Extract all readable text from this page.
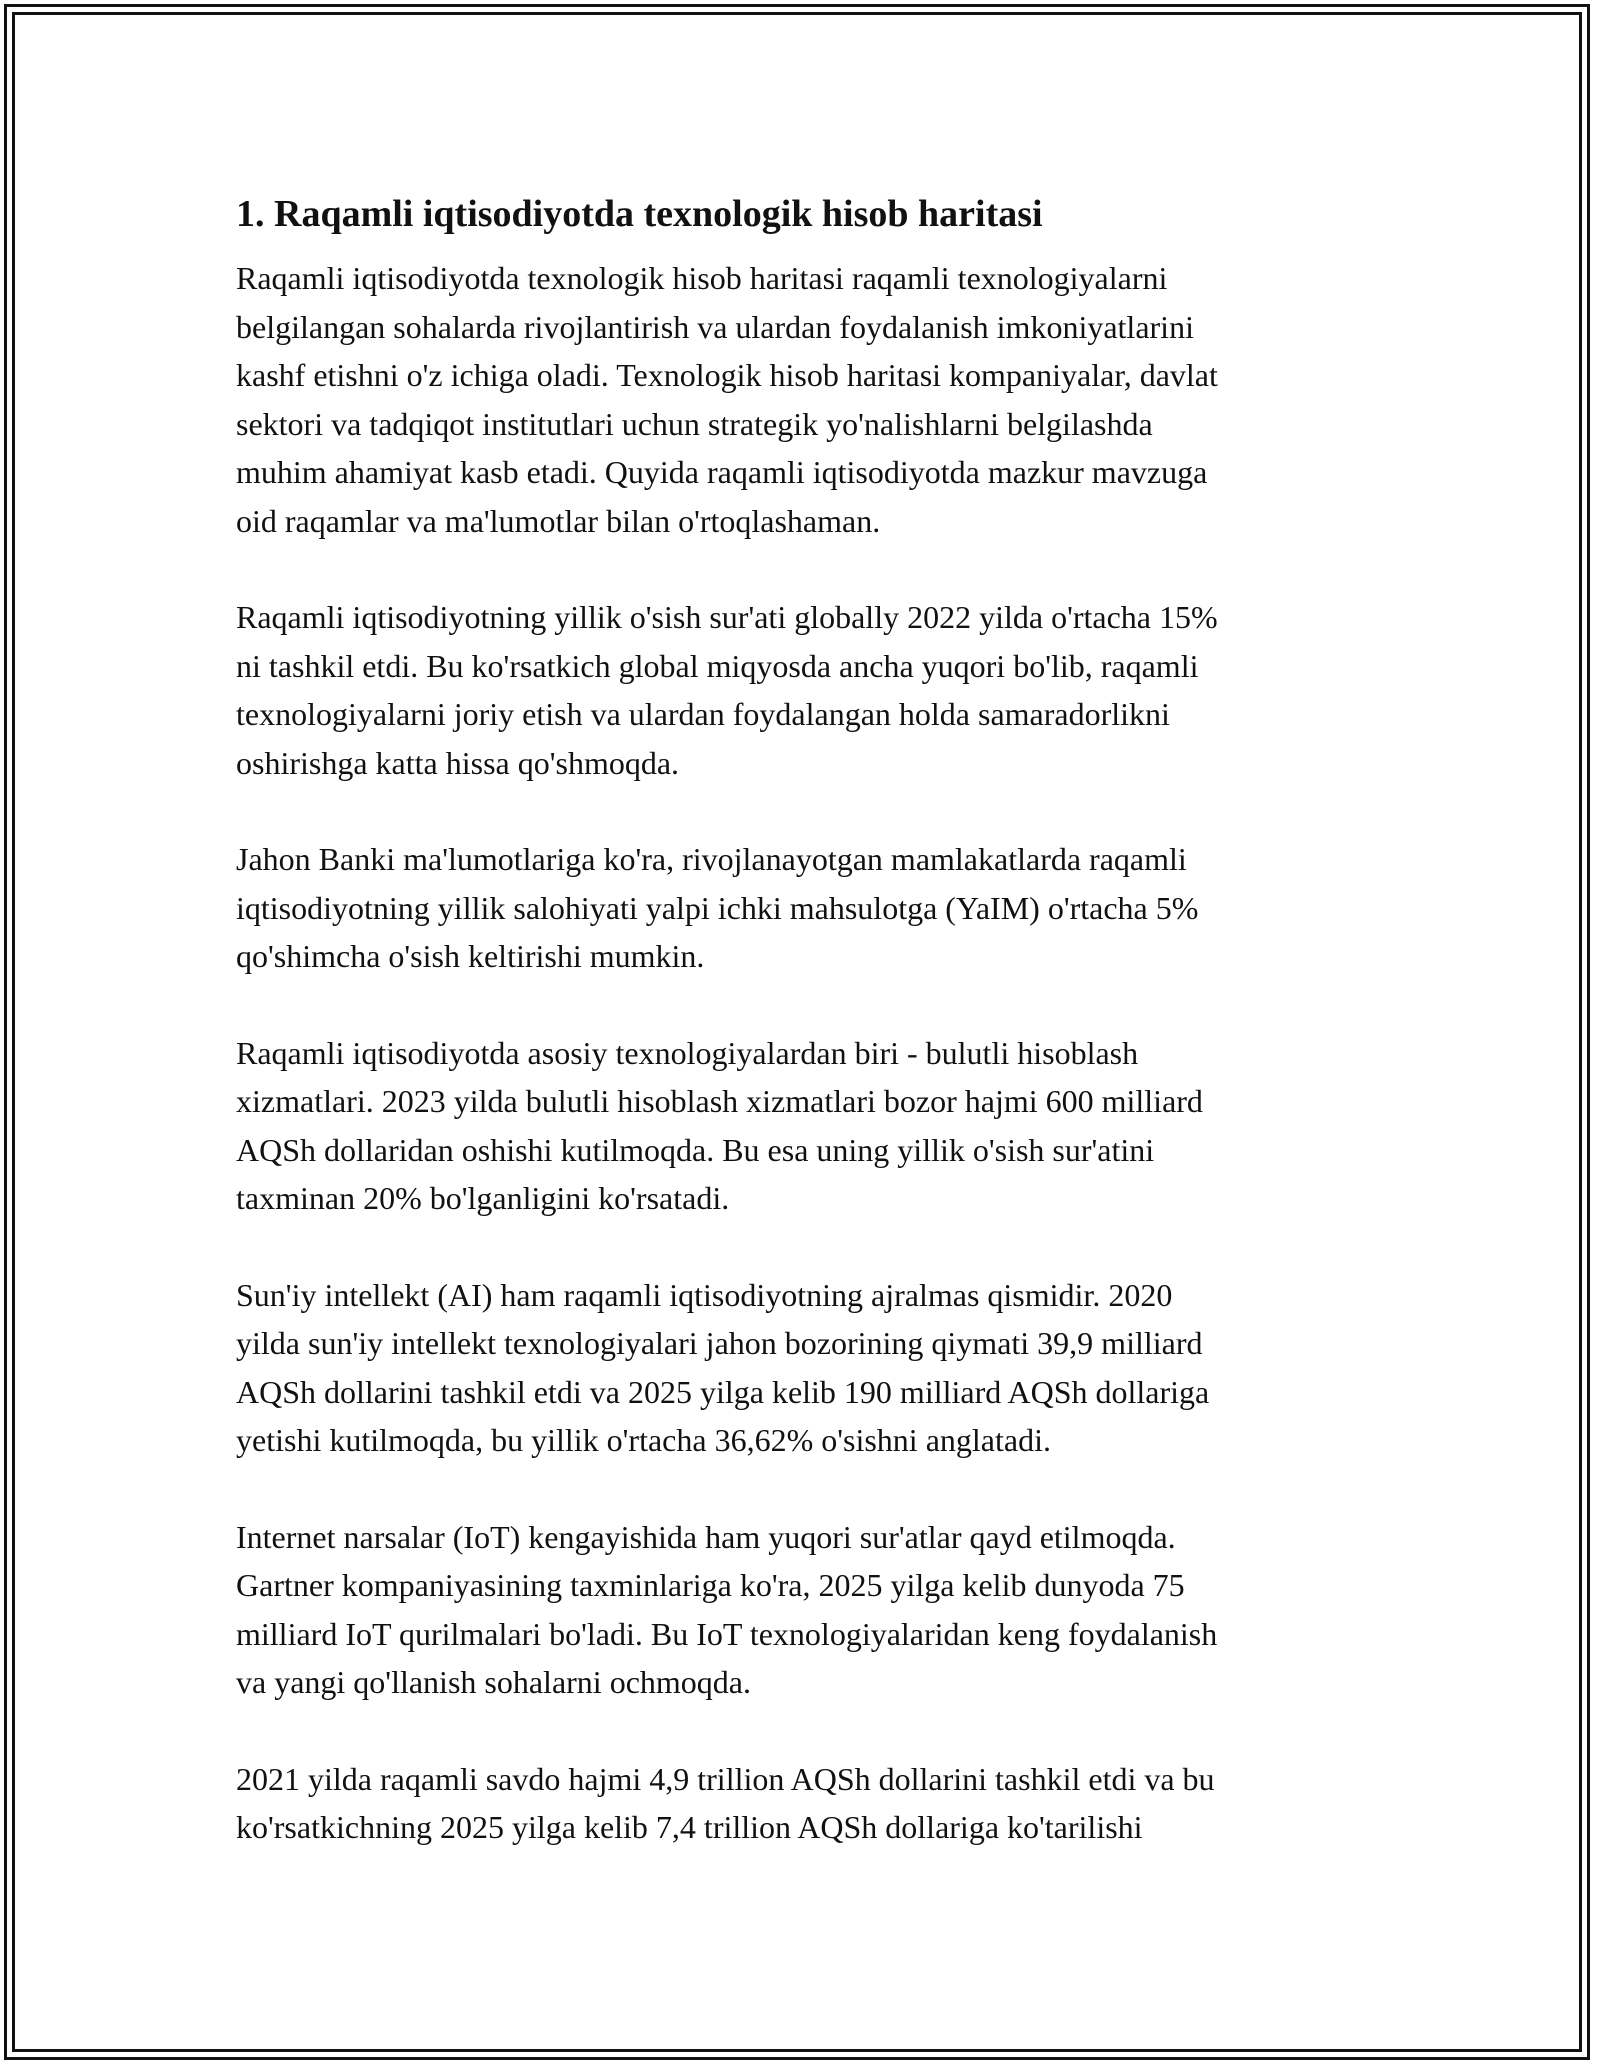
1. Raqamli iqtisodiyotda texnologik hisob haritasi
Raqamli iqtisodiyotda texnologik hisob haritasi raqamli texnologiyalarni
belgilangan sohalarda rivojlantirish va ulardan foydalanish imkoniyatlarini
kashf etishni o'z ichiga oladi. Texnologik hisob haritasi kompaniyalar, davlat
sektori va tadqiqot institutlari uchun strategik yo'nalishlarni belgilashda
muhim ahamiyat kasb etadi. Quyida raqamli iqtisodiyotda mazkur mavzuga
oid raqamlar va ma'lumotlar bilan o'rtoqlashaman.
Raqamli iqtisodiyotning yillik o'sish sur'ati globally 2022 yilda o'rtacha 15%
ni tashkil etdi. Bu ko'rsatkich global miqyosda ancha yuqori bo'lib, raqamli
texnologiyalarni joriy etish va ulardan foydalangan holda samaradorlikni
oshirishga katta hissa qo'shmoqda.
Jahon Banki ma'lumotlariga ko'ra, rivojlanayotgan mamlakatlarda raqamli
iqtisodiyotning yillik salohiyati yalpi ichki mahsulotga (YaIM) o'rtacha 5%
qo'shimcha o'sish keltirishi mumkin.
Raqamli iqtisodiyotda asosiy texnologiyalardan biri - bulutli hisoblash
xizmatlari. 2023 yilda bulutli hisoblash xizmatlari bozor hajmi 600 milliard
AQSh dollaridan oshishi kutilmoqda. Bu esa uning yillik o'sish sur'atini
taxminan 20% bo'lganligini ko'rsatadi.
Sun'iy intellekt (AI) ham raqamli iqtisodiyotning ajralmas qismidir. 2020
yilda sun'iy intellekt texnologiyalari jahon bozorining qiymati 39,9 milliard
AQSh dollarini tashkil etdi va 2025 yilga kelib 190 milliard AQSh dollariga
yetishi kutilmoqda, bu yillik o'rtacha 36,62% o'sishni anglatadi.
Internet narsalar (IoT) kengayishida ham yuqori sur'atlar qayd etilmoqda.
Gartner kompaniyasining taxminlariga ko'ra, 2025 yilga kelib dunyoda 75
milliard IoT qurilmalari bo'ladi. Bu IoT texnologiyalaridan keng foydalanish
va yangi qo'llanish sohalarni ochmoqda.
2021 yilda raqamli savdo hajmi 4,9 trillion AQSh dollarini tashkil etdi va bu
ko'rsatkichning 2025 yilga kelib 7,4 trillion AQSh dollariga ko'tarilishi
